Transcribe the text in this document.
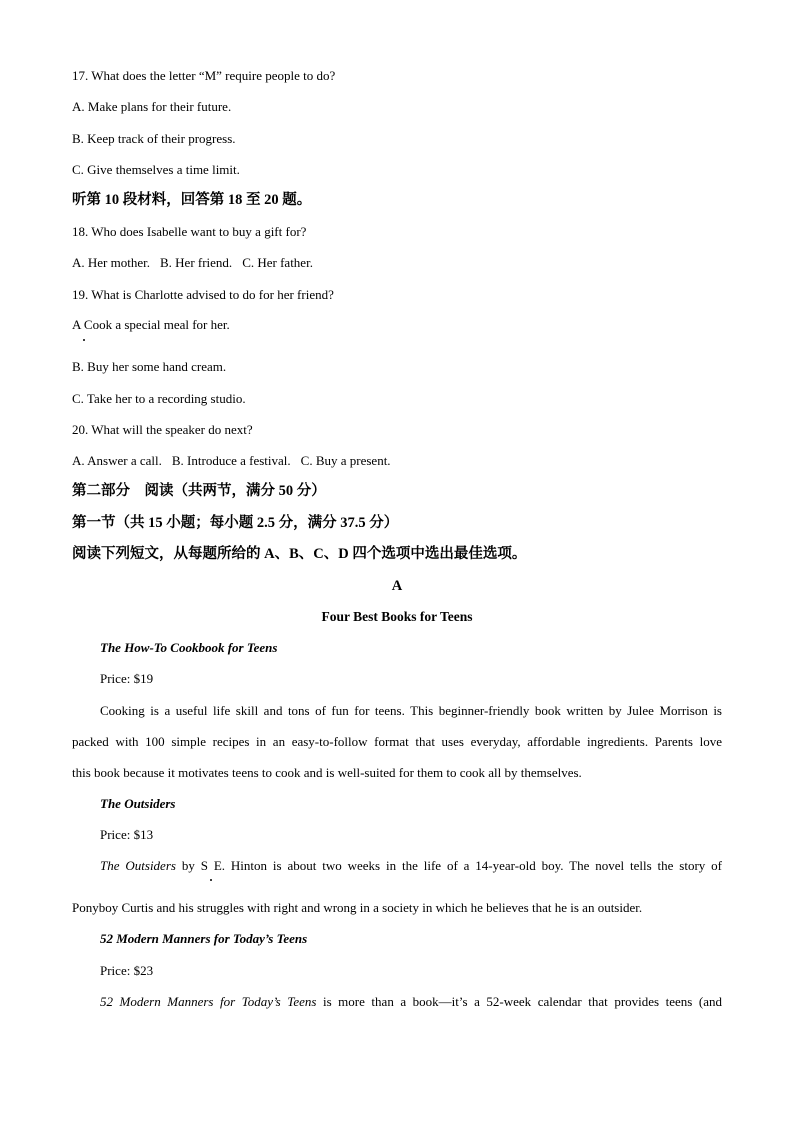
17. What does the letter “M” require people to do?
A. Make plans for their future.
B. Keep track of their progress.
C. Give themselves a time limit.
听第 10 段材料，回答第 18 至 20 题。
18. Who does Isabelle want to buy a gift for?
A. Her mother. B. Her friend. C. Her father.
19. What is Charlotte advised to do for her friend?
A Cook a special meal for her.
B. Buy her some hand cream.
C. Take her to a recording studio.
20. What will the speaker do next?
A. Answer a call. B. Introduce a festival. C. Buy a present.
第二部分　阅读（共两节，满分 50 分）
第一节（共 15 小题；每小题 2.5 分，满分 37.5 分）
阅读下列短文，从每题所给的 A、B、C、D 四个选项中选出最佳选项。
A
Four Best Books for Teens
The How-To Cookbook for Teens
Price: $19
Cooking is a useful life skill and tons of fun for teens. This beginner-friendly book written by Julee Morrison is
packed with 100 simple recipes in an easy-to-follow format that uses everyday, affordable ingredients. Parents love
this book because it motivates teens to cook and is well-suited for them to cook all by themselves.
The Outsiders
Price: $13
The Outsiders by S E. Hinton is about two weeks in the life of a 14-year-old boy. The novel tells the story of
Ponyboy Curtis and his struggles with right and wrong in a society in which he believes that he is an outsider.
52 Modern Manners for Today’s Teens
Price: $23
52 Modern Manners for Today’s Teens is more than a book—it’s a 52-week calendar that provides teens (and
